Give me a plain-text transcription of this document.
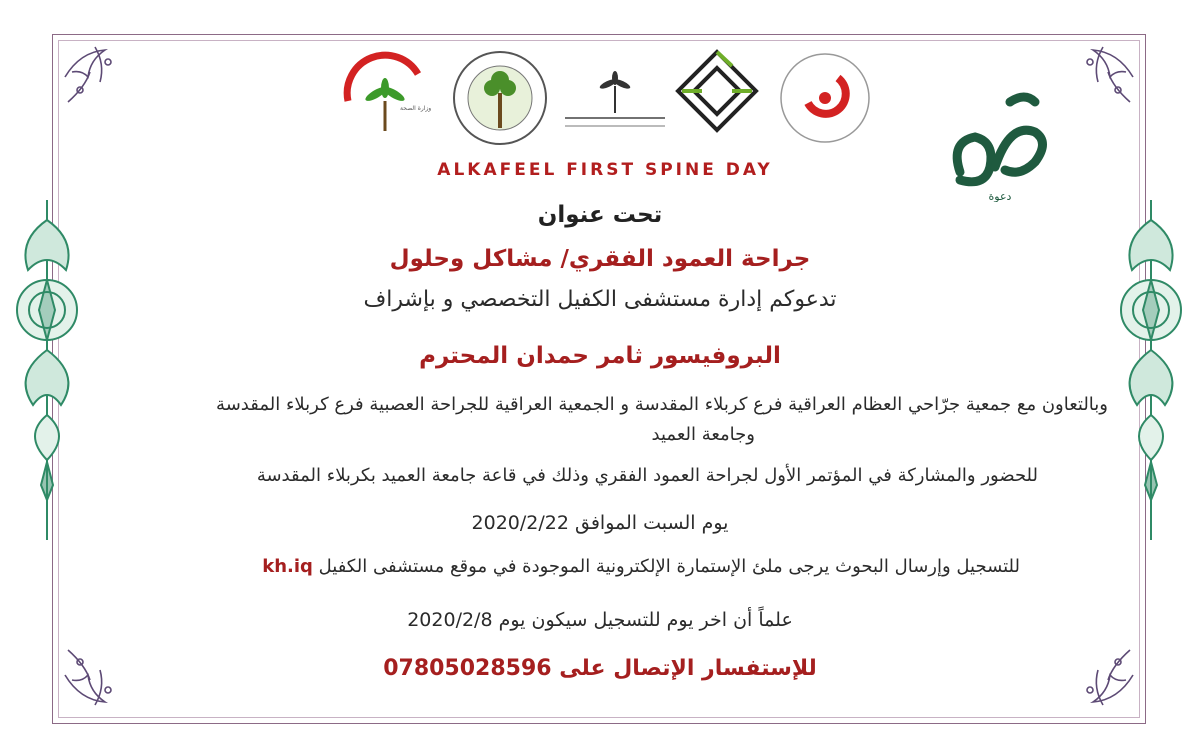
وزارة الصحة
دعوة
ALKAFEEL FIRST SPINE DAY
تحت عنوان
جراحة العمود الفقري/ مشاكل وحلول
تدعوكم إدارة مستشفى الكفيل التخصصي و بإشراف
البروفيسور ثامر حمدان المحترم
وبالتعاون مع جمعية جرّاحي العظام العراقية فرع كربلاء المقدسة و الجمعية العراقية للجراحة العصبية فرع كربلاء المقدسة
وجامعة العميد
للحضور والمشاركة في المؤتمر الأول لجراحة العمود الفقري وذلك في قاعة جامعة العميد بكربلاء المقدسة
يوم السبت الموافق 2020/2/22
للتسجيل وإرسال البحوث يرجى ملئ الإستمارة الإلكترونية الموجودة في موقع مستشفى الكفيل kh.iq
علماً أن اخر يوم للتسجيل سيكون يوم 2020/2/8
للإستفسار الإتصال على 07805028596
